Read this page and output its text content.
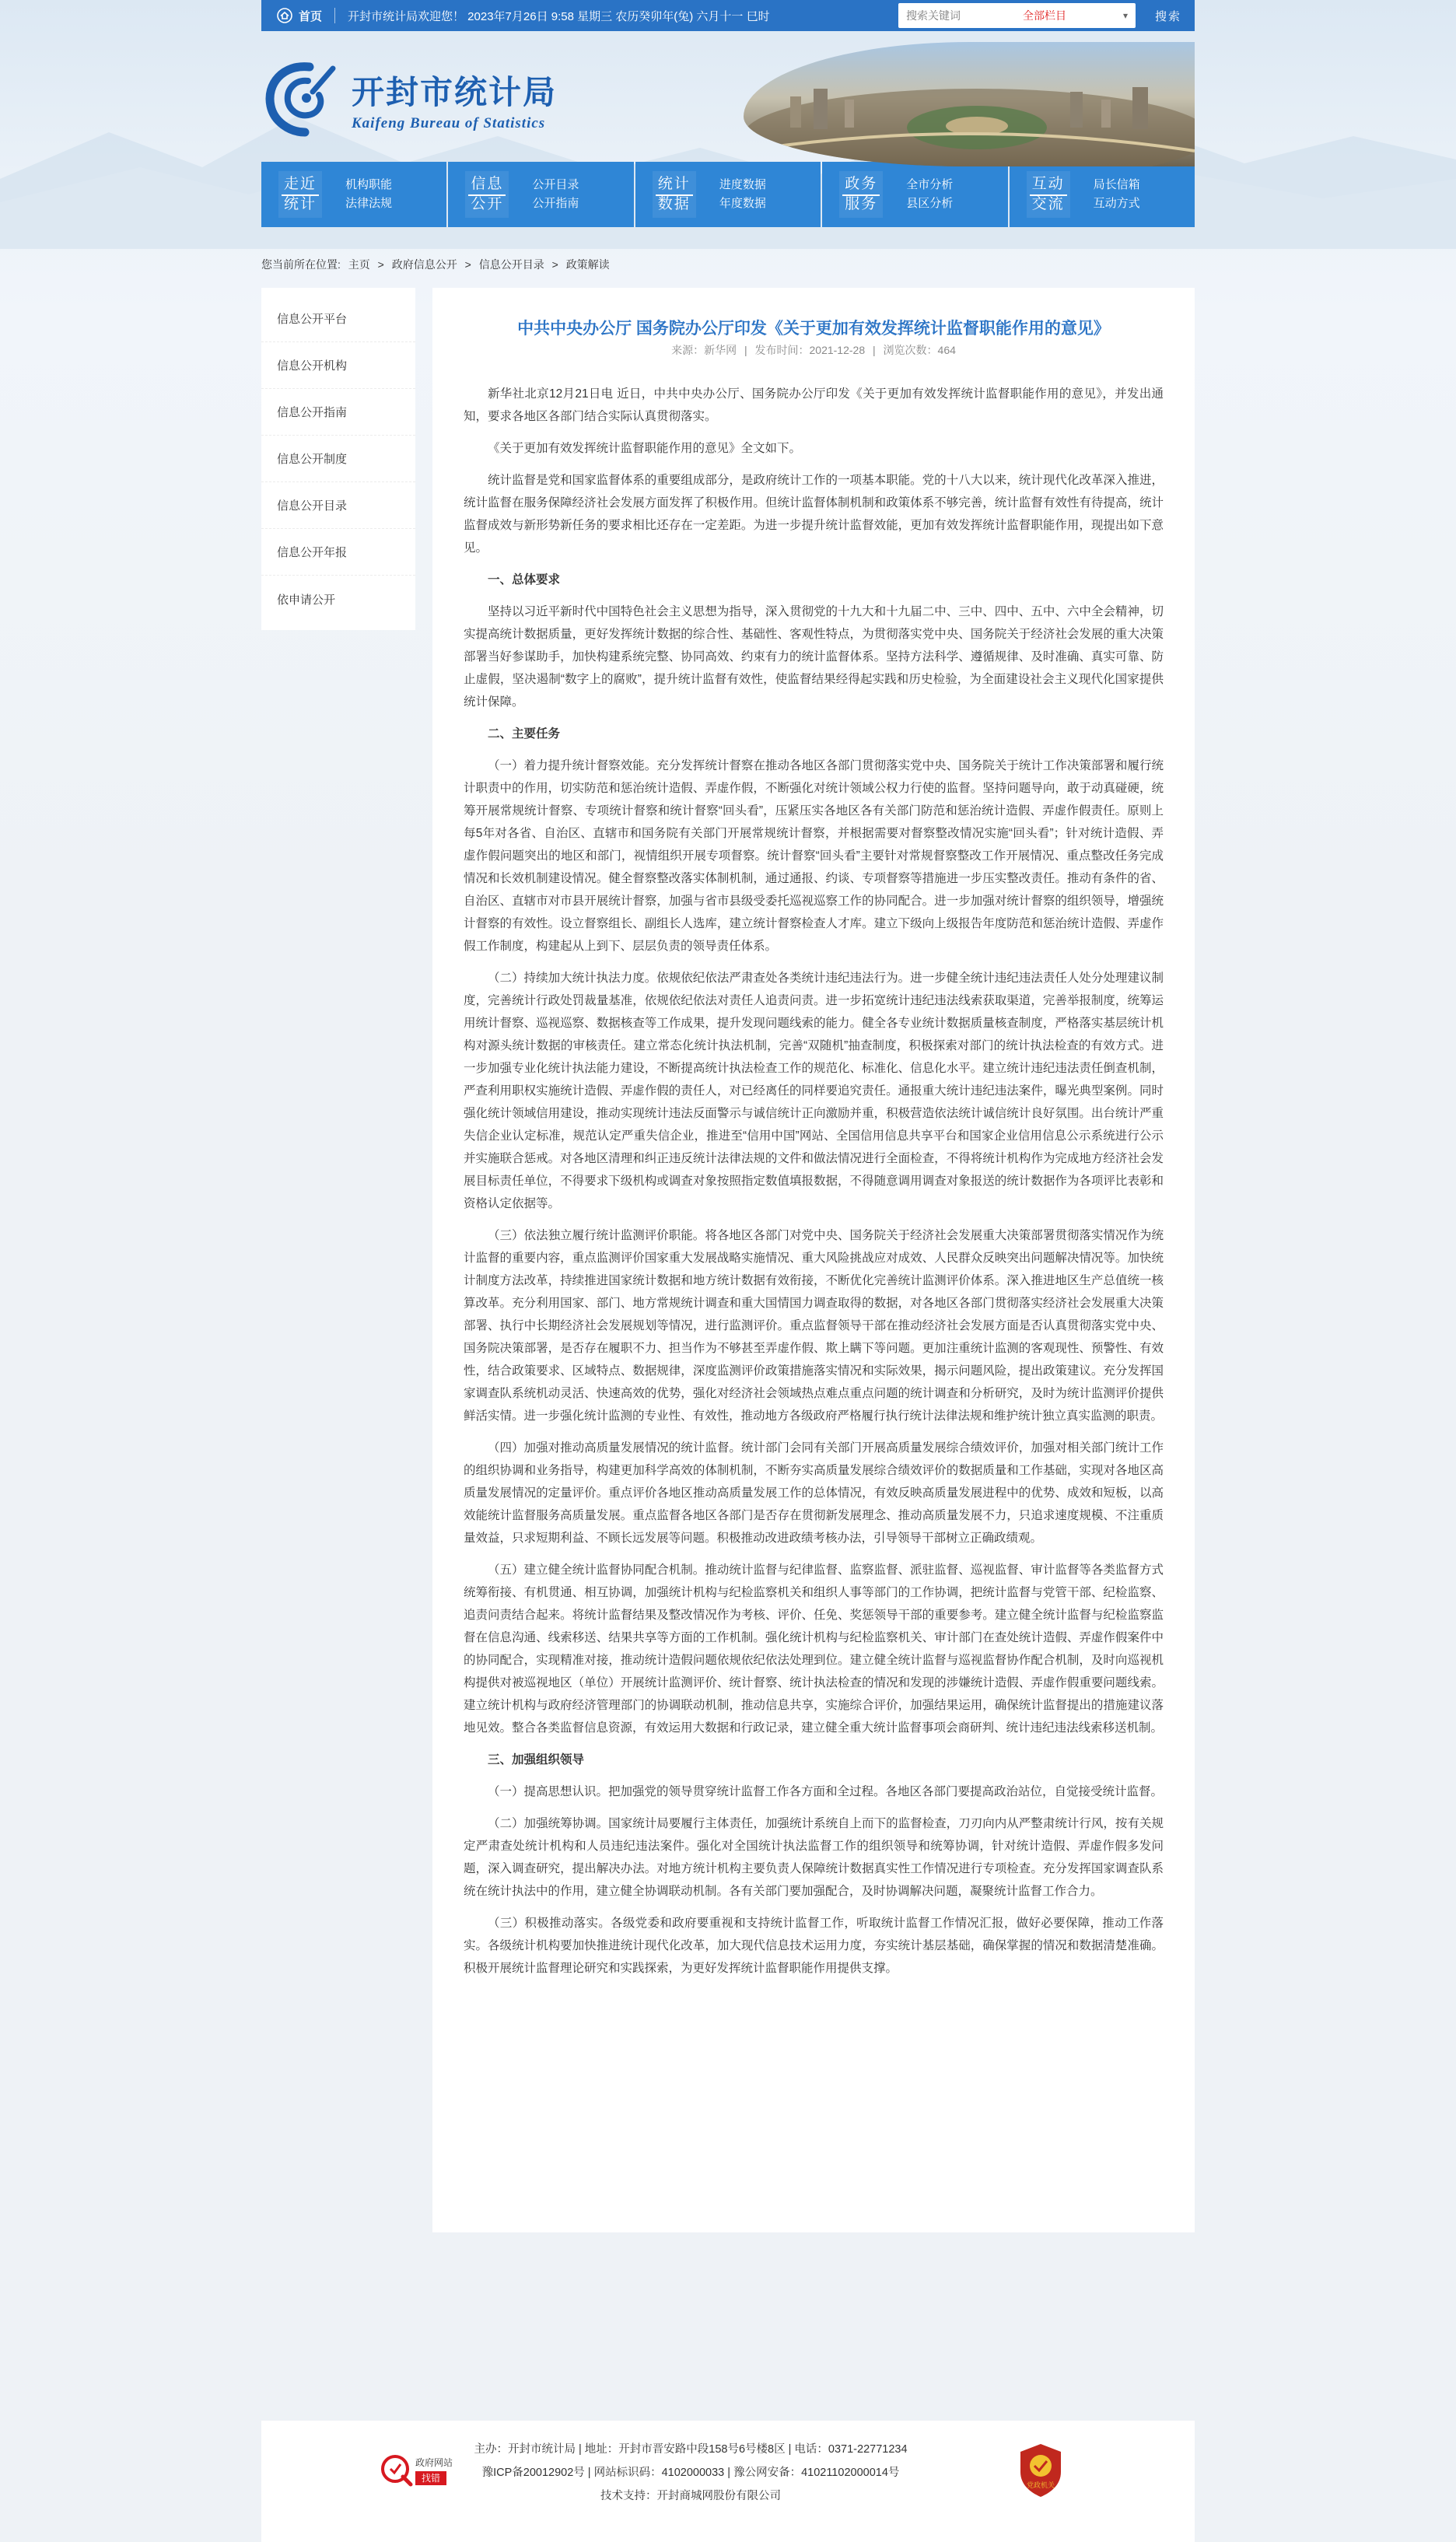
首页	开封市统计局欢迎您！ 2023年7月26日 9:58 星期三 农历癸卯年(兔) 六月十一 巳时
搜索关键词	全部栏目	▾	搜索
开封市统计局
Kaifeng Bureau of Statistics
走近
统计
机构职能
法律法规
信息
公开
公开目录
公开指南
统计
数据
进度数据
年度数据
政务
服务
全市分析
县区分析
互动
交流
局长信箱
互动方式
您当前所在位置: 主页 > 政府信息公开 > 信息公开目录 > 政策解读
信息公开平台
信息公开机构
信息公开指南
信息公开制度
信息公开目录
信息公开年报
依申请公开
中共中央办公厅 国务院办公厅印发《关于更加有效发挥统计监督职能作用的意见》
来源：新华网 | 发布时间：2021-12-28 | 浏览次数：464

新华社北京12月21日电 近日，中共中央办公厅、国务院办公厅印发《关于更加有效发挥统计监督职能作用的意见》，并发出通知，要求各地区各部门结合实际认真贯彻落实。

《关于更加有效发挥统计监督职能作用的意见》全文如下。

统计监督是党和国家监督体系的重要组成部分，是政府统计工作的一项基本职能。党的十八大以来，统计现代化改革深入推进，统计监督在服务保障经济社会发展方面发挥了积极作用。但统计监督体制机制和政策体系不够完善，统计监督有效性有待提高，统计监督成效与新形势新任务的要求相比还存在一定差距。为进一步提升统计监督效能，更加有效发挥统计监督职能作用，现提出如下意见。

一、总体要求

坚持以习近平新时代中国特色社会主义思想为指导，深入贯彻党的十九大和十九届二中、三中、四中、五中、六中全会精神，切实提高统计数据质量，更好发挥统计数据的综合性、基础性、客观性特点，为贯彻落实党中央、国务院关于经济社会发展的重大决策部署当好参谋助手，加快构建系统完整、协同高效、约束有力的统计监督体系。坚持方法科学、遵循规律、及时准确、真实可靠、防止虚假，坚决遏制“数字上的腐败”，提升统计监督有效性，使监督结果经得起实践和历史检验，为全面建设社会主义现代化国家提供统计保障。

二、主要任务

（一）着力提升统计督察效能。充分发挥统计督察在推动各地区各部门贯彻落实党中央、国务院关于统计工作决策部署和履行统计职责中的作用，切实防范和惩治统计造假、弄虚作假，不断强化对统计领域公权力行使的监督。坚持问题导向，敢于动真碰硬，统筹开展常规统计督察、专项统计督察和统计督察“回头看”，压紧压实各地区各有关部门防范和惩治统计造假、弄虚作假责任。原则上每5年对各省、自治区、直辖市和国务院有关部门开展常规统计督察，并根据需要对督察整改情况实施“回头看”；针对统计造假、弄虚作假问题突出的地区和部门，视情组织开展专项督察。统计督察“回头看”主要针对常规督察整改工作开展情况、重点整改任务完成情况和长效机制建设情况。健全督察整改落实体制机制，通过通报、约谈、专项督察等措施进一步压实整改责任。推动有条件的省、自治区、直辖市对市县开展统计督察，加强与省市县级受委托巡视巡察工作的协同配合。进一步加强对统计督察的组织领导，增强统计督察的有效性。设立督察组长、副组长人选库，建立统计督察检查人才库。建立下级向上级报告年度防范和惩治统计造假、弄虚作假工作制度，构建起从上到下、层层负责的领导责任体系。

（二）持续加大统计执法力度。依规依纪依法严肃查处各类统计违纪违法行为。进一步健全统计违纪违法责任人处分处理建议制度，完善统计行政处罚裁量基准，依规依纪依法对责任人追责问责。进一步拓宽统计违纪违法线索获取渠道，完善举报制度，统筹运用统计督察、巡视巡察、数据核查等工作成果，提升发现问题线索的能力。健全各专业统计数据质量核查制度，严格落实基层统计机构对源头统计数据的审核责任。建立常态化统计执法机制，完善“双随机”抽查制度，积极探索对部门的统计执法检查的有效方式。进一步加强专业化统计执法能力建设，不断提高统计执法检查工作的规范化、标准化、信息化水平。建立统计违纪违法责任倒查机制，严查利用职权实施统计造假、弄虚作假的责任人，对已经离任的同样要追究责任。通报重大统计违纪违法案件，曝光典型案例。同时强化统计领域信用建设，推动实现统计违法反面警示与诚信统计正向激励并重，积极营造依法统计诚信统计良好氛围。出台统计严重失信企业认定标准，规范认定严重失信企业，推进至“信用中国”网站、全国信用信息共享平台和国家企业信用信息公示系统进行公示并实施联合惩戒。对各地区清理和纠正违反统计法律法规的文件和做法情况进行全面检查，不得将统计机构作为完成地方经济社会发展目标责任单位，不得要求下级机构或调查对象按照指定数值填报数据，不得随意调用调查对象报送的统计数据作为各项评比表彰和资格认定依据等。

（三）依法独立履行统计监测评价职能。将各地区各部门对党中央、国务院关于经济社会发展重大决策部署贯彻落实情况作为统计监督的重要内容，重点监测评价国家重大发展战略实施情况、重大风险挑战应对成效、人民群众反映突出问题解决情况等。加快统计制度方法改革，持续推进国家统计数据和地方统计数据有效衔接，不断优化完善统计监测评价体系。深入推进地区生产总值统一核算改革。充分利用国家、部门、地方常规统计调查和重大国情国力调查取得的数据，对各地区各部门贯彻落实经济社会发展重大决策部署、执行中长期经济社会发展规划等情况，进行监测评价。重点监督领导干部在推动经济社会发展方面是否认真贯彻落实党中央、国务院决策部署，是否存在履职不力、担当作为不够甚至弄虚作假、欺上瞒下等问题。更加注重统计监测的客观现性、预警性、有效性，结合政策要求、区域特点、数据规律，深度监测评价政策措施落实情况和实际效果，揭示问题风险，提出政策建议。充分发挥国家调查队系统机动灵活、快速高效的优势，强化对经济社会领域热点难点重点问题的统计调查和分析研究，及时为统计监测评价提供鲜活实情。进一步强化统计监测的专业性、有效性，推动地方各级政府严格履行执行统计法律法规和维护统计独立真实监测的职责。

（四）加强对推动高质量发展情况的统计监督。统计部门会同有关部门开展高质量发展综合绩效评价，加强对相关部门统计工作的组织协调和业务指导，构建更加科学高效的体制机制，不断夯实高质量发展综合绩效评价的数据质量和工作基础，实现对各地区高质量发展情况的定量评价。重点评价各地区推动高质量发展工作的总体情况，有效反映高质量发展进程中的优势、成效和短板，以高效能统计监督服务高质量发展。重点监督各地区各部门是否存在贯彻新发展理念、推动高质量发展不力，只追求速度规模、不注重质量效益，只求短期利益、不顾长远发展等问题。积极推动改进政绩考核办法，引导领导干部树立正确政绩观。

（五）建立健全统计监督协同配合机制。推动统计监督与纪律监督、监察监督、派驻监督、巡视监督、审计监督等各类监督方式统筹衔接、有机贯通、相互协调，加强统计机构与纪检监察机关和组织人事等部门的工作协调，把统计监督与党管干部、纪检监察、追责问责结合起来。将统计监督结果及整改情况作为考核、评价、任免、奖惩领导干部的重要参考。建立健全统计监督与纪检监察监督在信息沟通、线索移送、结果共享等方面的工作机制。强化统计机构与纪检监察机关、审计部门在查处统计造假、弄虚作假案件中的协同配合，实现精准对接，推动统计造假问题依规依纪依法处理到位。建立健全统计监督与巡视监督协作配合机制，及时向巡视机构提供对被巡视地区（单位）开展统计监测评价、统计督察、统计执法检查的情况和发现的涉嫌统计造假、弄虚作假重要问题线索。建立统计机构与政府经济管理部门的协调联动机制，推动信息共享，实施综合评价，加强结果运用，确保统计监督提出的措施建议落地见效。整合各类监督信息资源，有效运用大数据和行政记录，建立健全重大统计监督事项会商研判、统计违纪违法线索移送机制。

三、加强组织领导

（一）提高思想认识。把加强党的领导贯穿统计监督工作各方面和全过程。各地区各部门要提高政治站位，自觉接受统计监督。

（二）加强统筹协调。国家统计局要履行主体责任，加强统计系统自上而下的监督检查，刀刃向内从严整肃统计行风，按有关规定严肃查处统计机构和人员违纪违法案件。强化对全国统计执法监督工作的组织领导和统筹协调，针对统计造假、弄虚作假多发问题，深入调查研究，提出解决办法。对地方统计机构主要负责人保障统计数据真实性工作情况进行专项检查。充分发挥国家调查队系统在统计执法中的作用，建立健全协调联动机制。各有关部门要加强配合，及时协调解决问题，凝聚统计监督工作合力。

（三）积极推动落实。各级党委和政府要重视和支持统计监督工作，听取统计监督工作情况汇报，做好必要保障，推动工作落实。各级统计机构要加快推进统计现代化改革，加大现代信息技术运用力度，夯实统计基层基础，确保掌握的情况和数据清楚准确。积极开展统计监督理论研究和实践探索，为更好发挥统计监督职能作用提供支撑。

政府网站
找错
主办：开封市统计局 | 地址：开封市晋安路中段158号6号楼8区 | 电话：0371-22771234
豫ICP备20012902号 | 网站标识码：4102000033 | 豫公网安备：41021102000014号
技术支持：开封商城网股份有限公司
党政机关
